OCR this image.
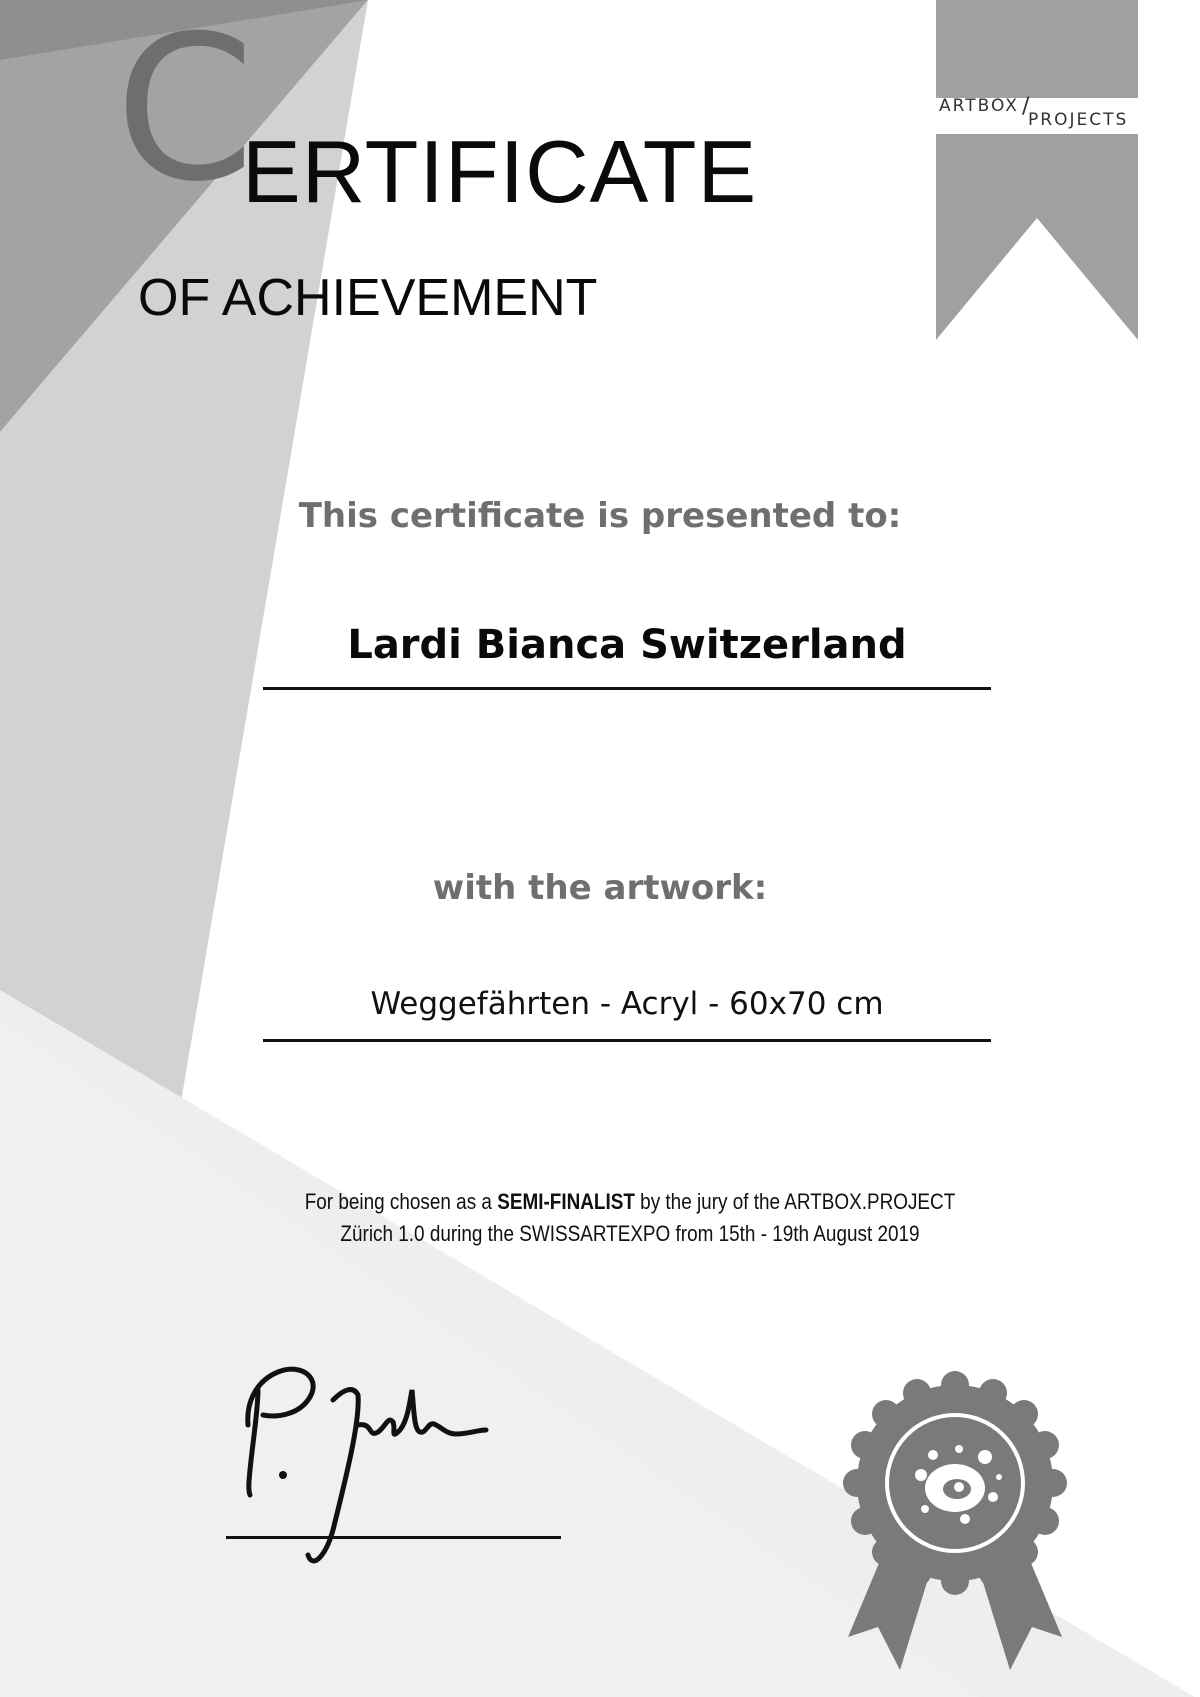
C
ERTIFICATE
OF ACHIEVEMENT
ARTBOX /
PROJECTS
This certificate is presented to:
Lardi Bianca Switzerland
with the artwork:
Weggefährten - Acryl - 60x70 cm
For being chosen as a SEMI-FINALIST by the jury of the ARTBOX.PROJECT
Zürich 1.0 during the SWISSARTEXPO from 15th - 19th August 2019
P. Jenk
